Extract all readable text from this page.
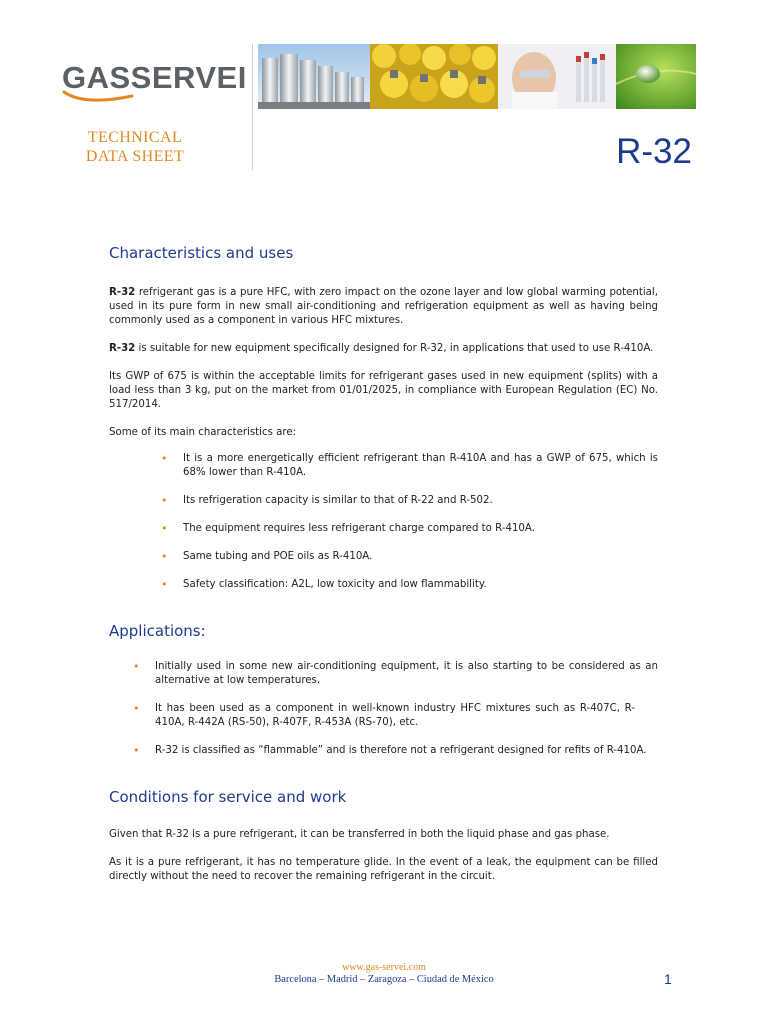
GASSERVEI
TECHNICAL
DATA SHEET	R-32
Characteristics and uses

R-32 refrigerant gas is a pure HFC, with zero impact on the ozone layer and low global warming potential, used in its pure form in new small air-conditioning and refrigeration equipment as well as having being commonly used as a component in various HFC mixtures.

R-32 is suitable for new equipment specifically designed for R-32, in applications that used to use R-410A.

Its GWP of 675 is within the acceptable limits for refrigerant gases used in new equipment (splits) with a load less than 3 kg, put on the market from 01/01/2025, in compliance with European Regulation (EC) No. 517/2014.

Some of its main characteristics are:

• It is a more energetically efficient refrigerant than R-410A and has a GWP of 675, which is 68% lower than R-410A.
• Its refrigeration capacity is similar to that of R-22 and R-502.
• The equipment requires less refrigerant charge compared to R-410A.
• Same tubing and POE oils as R-410A.
• Safety classification: A2L, low toxicity and low flammability.
Applications:
• Initially used in some new air-conditioning equipment, it is also starting to be considered as an alternative at low temperatures.
• It has been used as a component in well-known industry HFC mixtures such as R-407C, R-410A, R-442A (RS-50), R-407F, R-453A (RS-70), etc.
• R-32 is classified as “flammable” and is therefore not a refrigerant designed for refits of R-410A.
Conditions for service and work

Given that R-32 is a pure refrigerant, it can be transferred in both the liquid phase and gas phase.

As it is a pure refrigerant, it has no temperature glide. In the event of a leak, the equipment can be filled directly without the need to recover the remaining refrigerant in the circuit.

www.gas-servei.com
Barcelona – Madrid – Zaragoza – Ciudad de México	1
